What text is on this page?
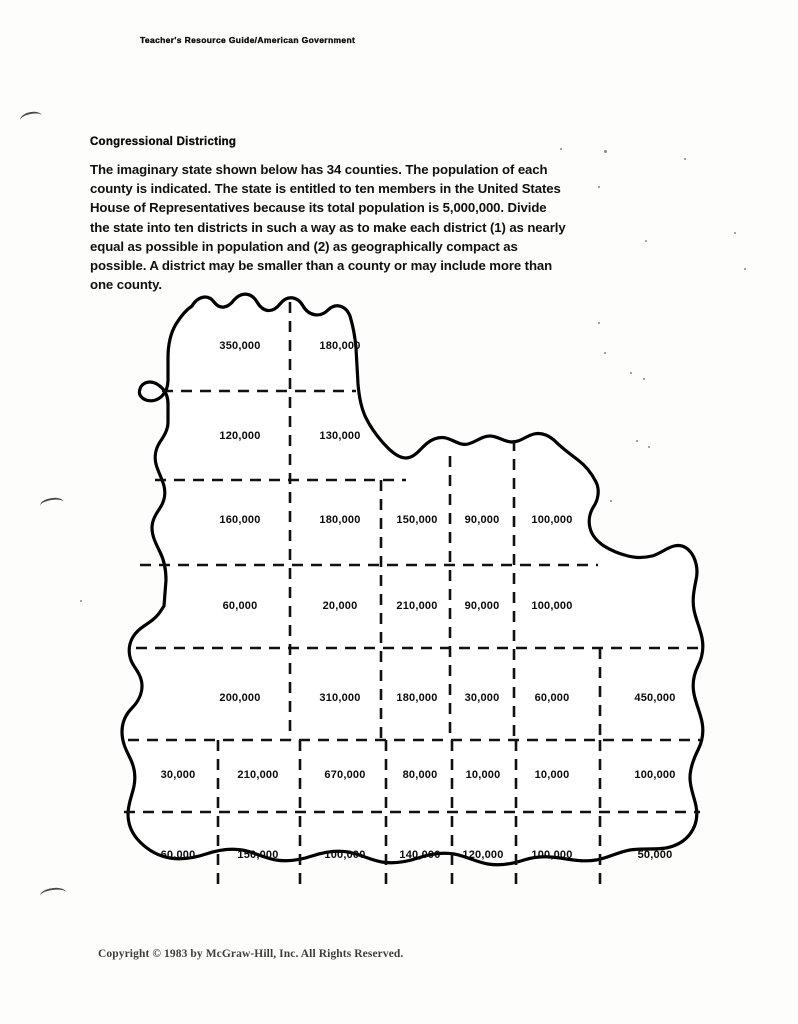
Teacher's Resource Guide/American Government
Congressional Districting
The imaginary state shown below has 34 counties. The population of each county is indicated. The state is entitled to ten members in the United States House of Representatives because its total population is 5,000,000. Divide the state into ten districts in such a way as to make each district (1) as nearly equal as possible in population and (2) as geographically compact as possible. A district may be smaller than a county or may include more than one county.
350,000	180,000
120,000	130,000
160,000	180,000	150,000 90,000	100,000
60,000	20,000	210,000 90,000	100,000
200,000	310,000	180,000 30,000	60,000	450,000
30,000	210,000	670,000	80,000	10,000	10,000	100,000
60,000	150,000	100,000	140,000 120,000	100,000	50,000
Copyright © 1983 by McGraw-Hill, Inc. All Rights Reserved.
